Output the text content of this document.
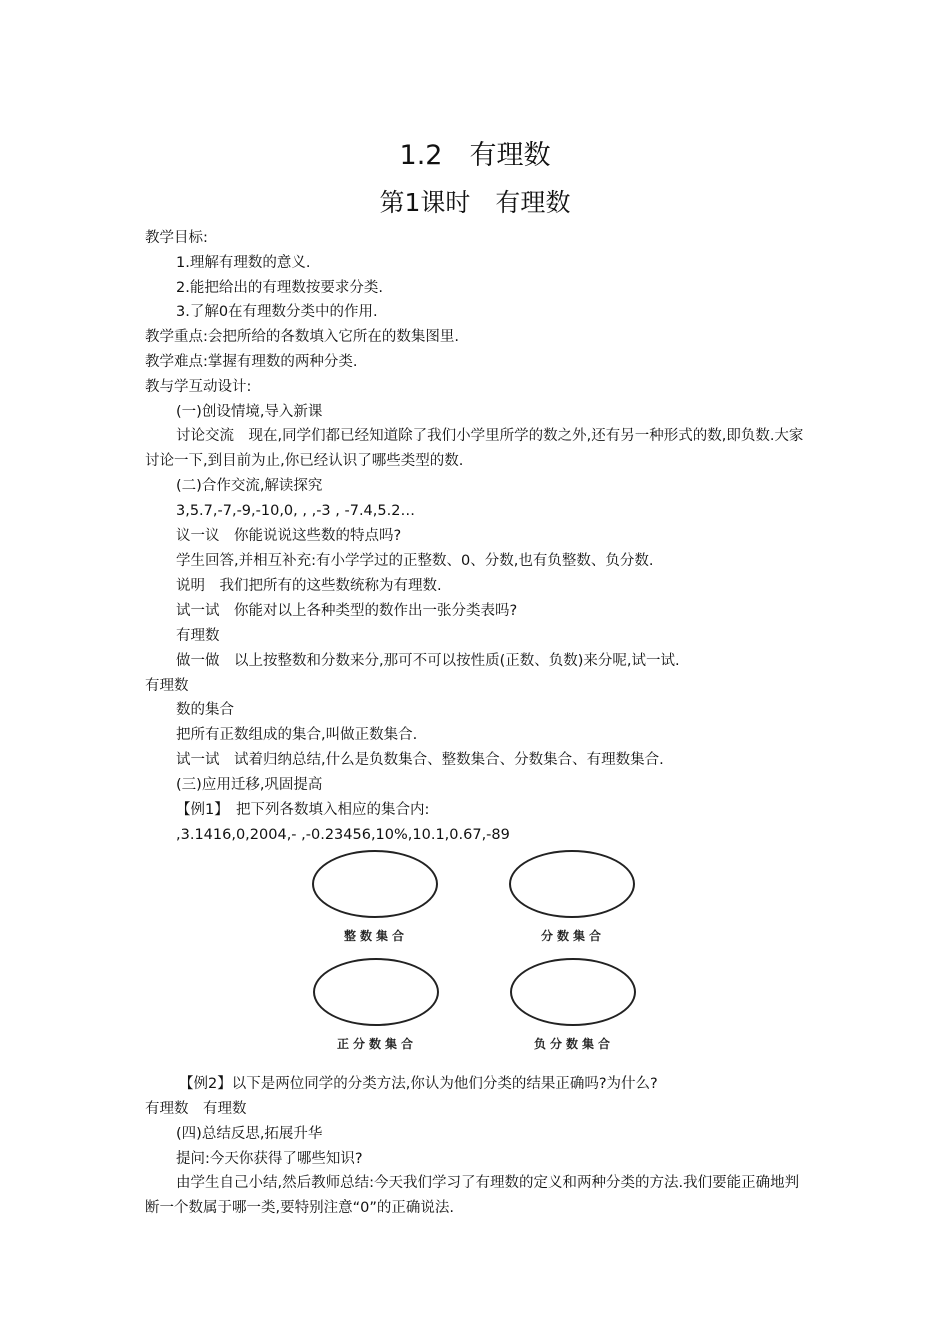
1.2　有理数
第1课时　有理数

教学目标:

1.理解有理数的意义.

2.能把给出的有理数按要求分类.

3.了解0在有理数分类中的作用.

教学重点:会把所给的各数填入它所在的数集图里.

教学难点:掌握有理数的两种分类.

教与学互动设计:

(一)创设情境,导入新课

讨论交流　现在,同学们都已经知道除了我们小学里所学的数之外,还有另一种形式的数,即负数.大家讨论一下,到目前为止,你已经认识了哪些类型的数.

(二)合作交流,解读探究

3,5.7,-7,-9,-10,0, , ,-3 , -7.4,5.2…

议一议　你能说说这些数的特点吗?

学生回答,并相互补充:有小学学过的正整数、0、分数,也有负整数、负分数.

说明　我们把所有的这些数统称为有理数.

试一试　你能对以上各种类型的数作出一张分类表吗?

有理数

做一做　以上按整数和分数来分,那可不可以按性质(正数、负数)来分呢,试一试.

有理数

数的集合

把所有正数组成的集合,叫做正数集合.

试一试　试着归纳总结,什么是负数集合、整数集合、分数集合、有理数集合.

(三)应用迁移,巩固提高

【例1】　把下列各数填入相应的集合内:

,3.1416,0,2004,- ,-0.23456,10%,10.1,0.67,-89

整数集合	分数集合
正分数集合	负分数集合

【例2】以下是两位同学的分类方法,你认为他们分类的结果正确吗?为什么?

有理数　有理数

(四)总结反思,拓展升华

提问:今天你获得了哪些知识?

由学生自己小结,然后教师总结:今天我们学习了有理数的定义和两种分类的方法.我们要能正确地判断一个数属于哪一类,要特别注意“0”的正确说法.
